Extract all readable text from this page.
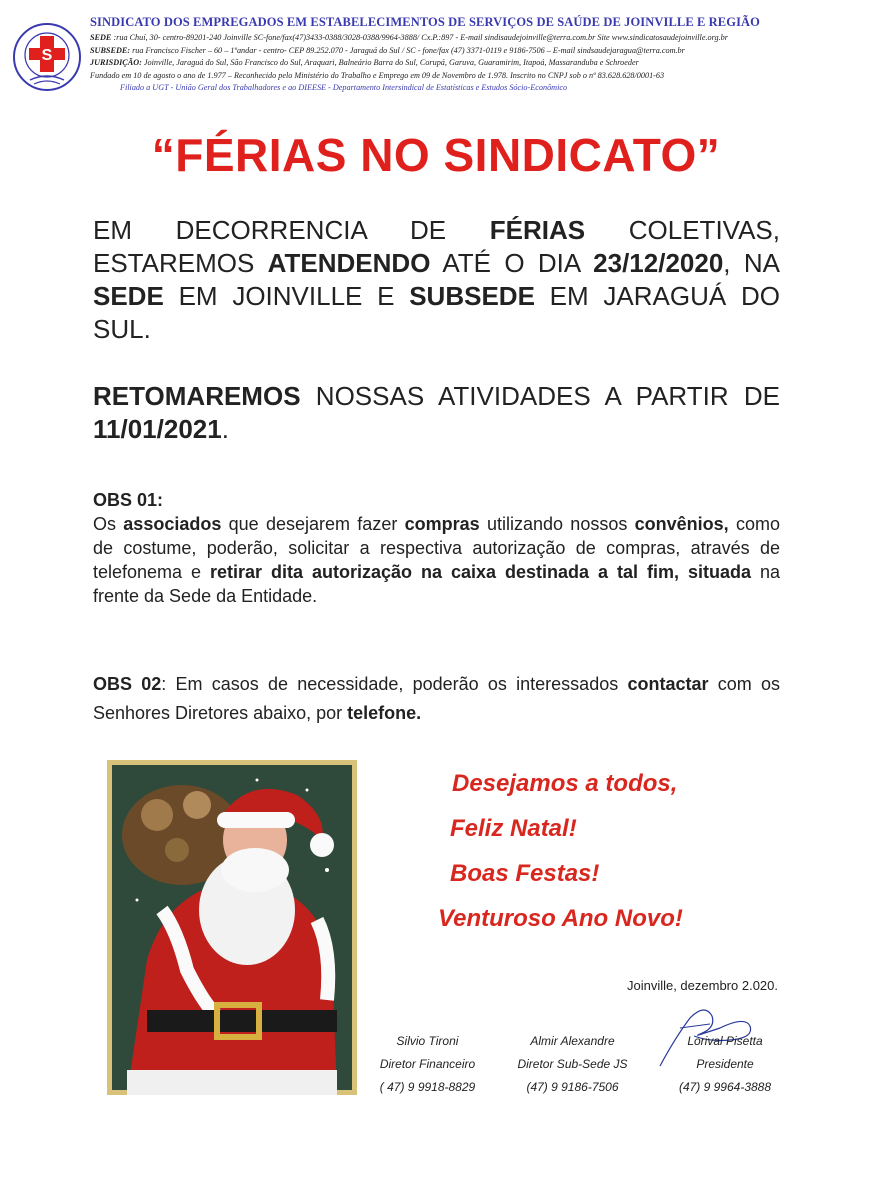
S
SINDICATO DOS EMPREGADOS EM ESTABELECIMENTOS DE SERVIÇOS DE SAÚDE DE JOINVILLE E REGIÃO
SEDE :rua Chuí, 30- centro-89201-240 Joinville SC-fone/fax(47)3433-0388/3028-0388/9964-3888/ Cx.P.:897 - E-mail sindisaudejoinville@terra.com.br Site www.sindicatosaudejoinville.org.br
SUBSEDE: rua Francisco Fischer – 60 – 1ºandar - centro- CEP 89.252.070 - Jaraguá do Sul / SC - fone/fax (47) 3371-0119 e 9186-7506 – E-mail sindsaudejaragua@terra.com.br
JURISDIÇÃO: Joinville, Jaraguá do Sul, São Francisco do Sul, Araquari, Balneário Barra do Sul, Corupá, Garuva, Guaramirim, Itapoá, Massaranduba e Schroeder
Fundado em 10 de agosto o ano de 1.977 – Reconhecido pelo Ministério do Trabalho e Emprego em 09 de Novembro de 1.978. Inscrito no CNPJ sob o nº 83.628.628/0001-63
Filiado a UGT - União Geral dos Trabalhadores e ao DIEESE - Departamento Intersindical de Estatísticas e Estudos Sócio-Econômico
“FÉRIAS NO SINDICATO”
EM DECORRENCIA DE FÉRIAS COLETIVAS, ESTAREMOS ATENDENDO ATÉ O DIA 23/12/2020, NA SEDE EM JOINVILLE E SUBSEDE EM JARAGUÁ DO SUL.
RETOMAREMOS NOSSAS ATIVIDADES A PARTIR DE 11/01/2021.
OBS 01:
Os associados que desejarem fazer compras utilizando nossos convênios, como de costume, poderão, solicitar a respectiva autorização de compras, através de telefonema e retirar dita autorização na caixa destinada a tal fim, situada na frente da Sede da Entidade.
OBS 02: Em casos de necessidade, poderão os interessados contactar com os Senhores Diretores abaixo, por telefone.
Desejamos a todos,
Feliz Natal!
Boas Festas!
Venturoso Ano Novo!
Joinville, dezembro 2.020.
Silvio Tironi
Diretor Financeiro
( 47) 9 9918-8829
Almir Alexandre
Diretor Sub-Sede JS
(47) 9 9186-7506
Lorival Pisetta
Presidente
(47) 9 9964-3888
